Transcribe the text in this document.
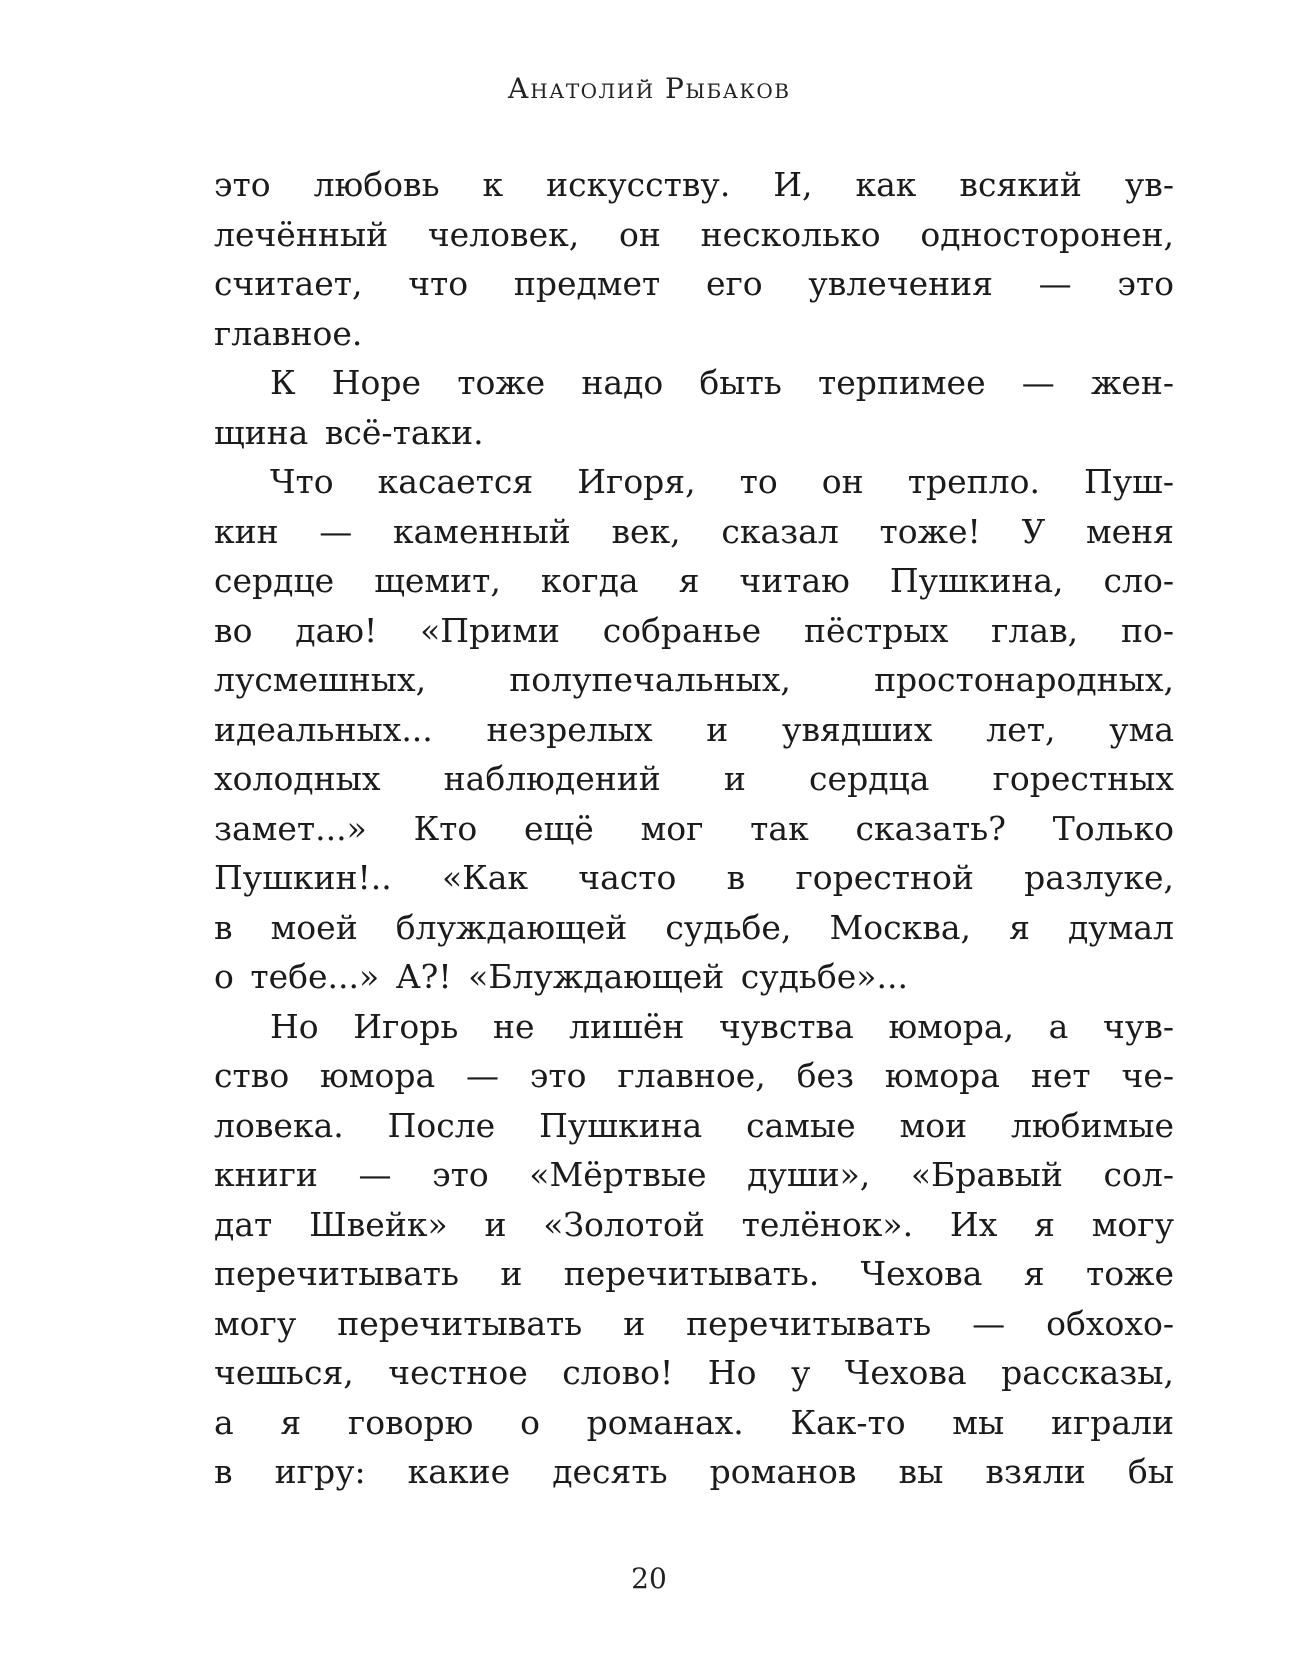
Анатолий Рыбаков
это любовь к искусству. И, как всякий ув-
лечённый человек, он несколько односторонен,
считает, что предмет его увлечения — это
главное.
К Норе тоже надо быть терпимее — жен-
щина всё-таки.
Что касается Игоря, то он трепло. Пуш-
кин — каменный век, сказал тоже! У меня
сердце щемит, когда я читаю Пушкина, сло-
во даю! «Прими собранье пёстрых глав, по-
лусмешных, полупечальных, простонародных,
идеальных... незрелых и увядших лет, ума
холодных наблюдений и сердца горестных
замет...» Кто ещё мог так сказать? Только
Пушкин!.. «Как часто в горестной разлуке,
в моей блуждающей судьбе, Москва, я думал
о тебе...» А?! «Блуждающей судьбе»...
Но Игорь не лишён чувства юмора, а чув-
ство юмора — это главное, без юмора нет че-
ловека. После Пушкина самые мои любимые
книги — это «Мёртвые души», «Бравый сол-
дат Швейк» и «Золотой телёнок». Их я могу
перечитывать и перечитывать. Чехова я тоже
могу перечитывать и перечитывать — обхохо-
чешься, честное слово! Но у Чехова рассказы,
а я говорю о романах. Как-то мы играли
в игру: какие десять романов вы взяли бы
20
